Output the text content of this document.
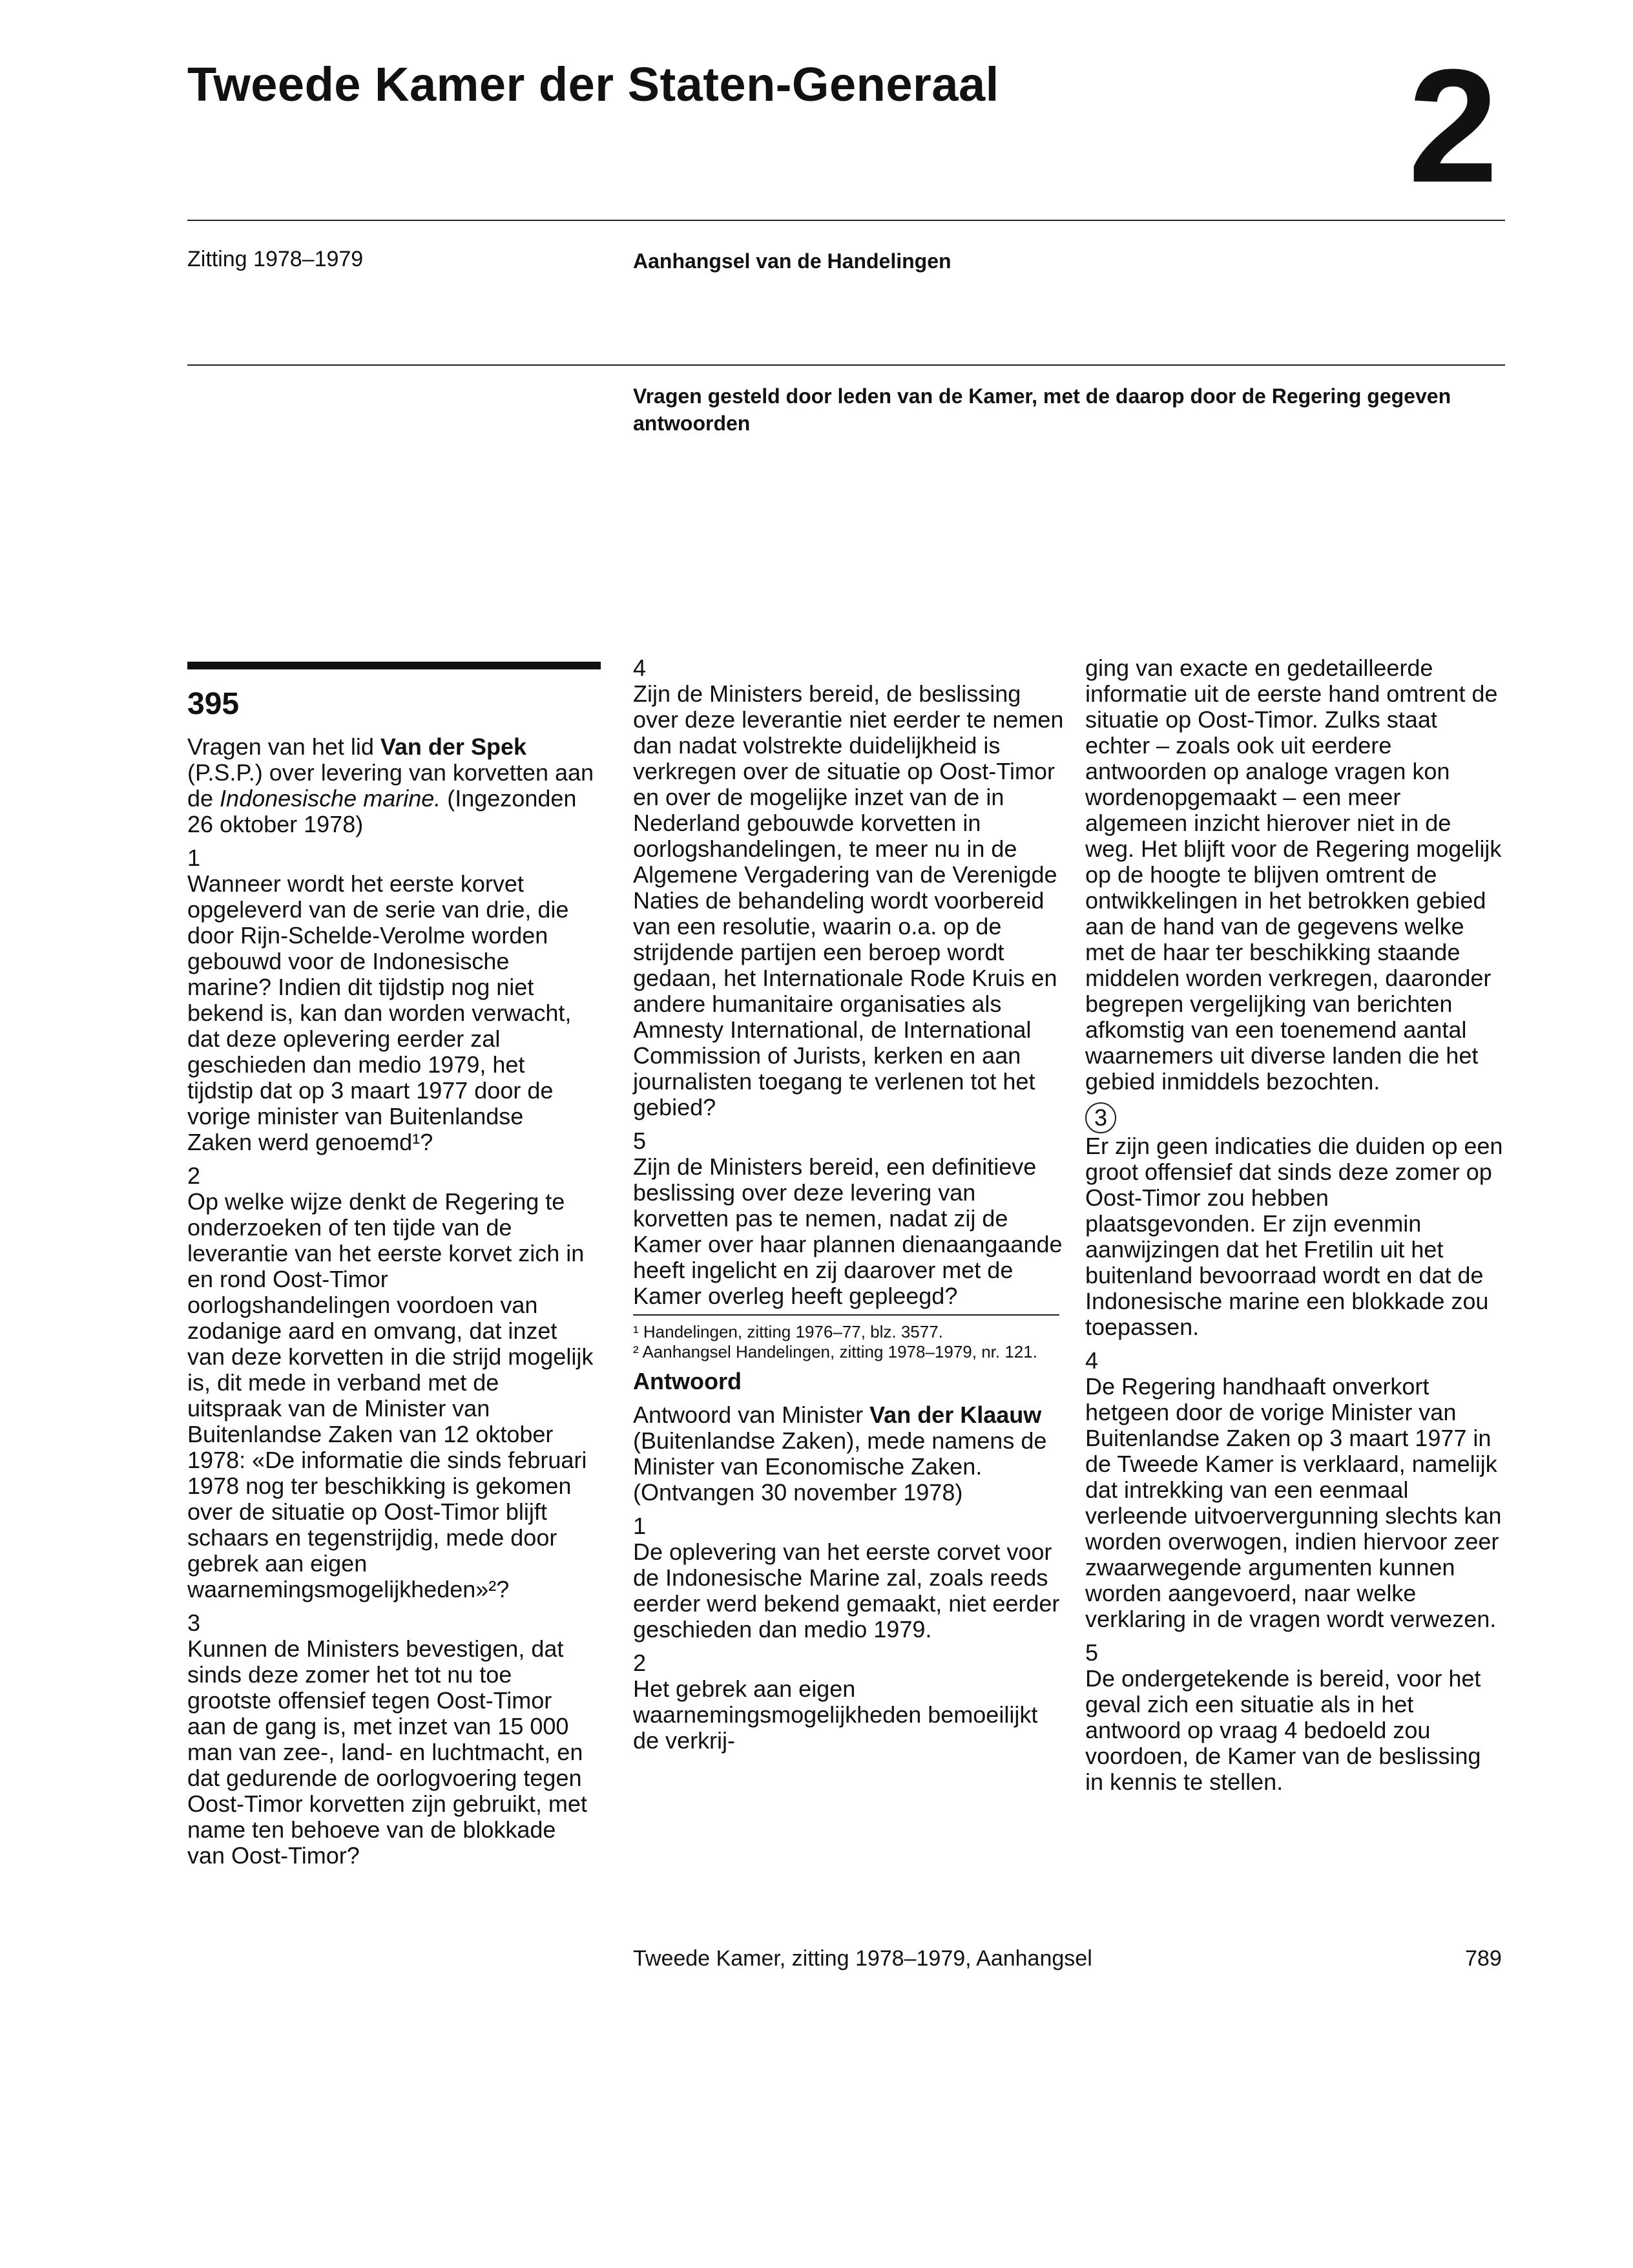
Tweede Kamer der Staten-Generaal	2
Zitting 1978–1979	Aanhangsel van de Handelingen
Vragen gesteld door leden van de Kamer, met de daarop door de Regering gegeven antwoorden
395

Vragen van het lid Van der Spek (P.S.P.) over levering van korvetten aan de Indonesische marine. (Ingezonden 26 oktober 1978)

1

Wanneer wordt het eerste korvet opgeleverd van de serie van drie, die door Rijn-Schelde-Verolme worden gebouwd voor de Indonesische marine? Indien dit tijdstip nog niet bekend is, kan dan worden verwacht, dat deze oplevering eerder zal geschieden dan medio 1979, het tijdstip dat op 3 maart 1977 door de vorige minister van Buitenlandse Zaken werd genoemd¹?

2

Op welke wijze denkt de Regering te onderzoeken of ten tijde van de leverantie van het eerste korvet zich in en rond Oost-Timor oorlogshandelingen voordoen van zodanige aard en omvang, dat inzet van deze korvetten in die strijd mogelijk is, dit mede in verband met de uitspraak van de Minister van Buitenlandse Zaken van 12 oktober 1978: «De informatie die sinds februari 1978 nog ter beschikking is gekomen over de situatie op Oost-Timor blijft schaars en tegenstrijdig, mede door gebrek aan eigen waarnemingsmogelijkheden»²?

3

Kunnen de Ministers bevestigen, dat sinds deze zomer het tot nu toe grootste offensief tegen Oost-Timor aan de gang is, met inzet van 15 000 man van zee-, land- en luchtmacht, en dat gedurende de oorlogvoering tegen Oost-Timor korvetten zijn gebruikt, met name ten behoeve van de blokkade van Oost-Timor?

4

Zijn de Ministers bereid, de beslissing over deze leverantie niet eerder te nemen dan nadat volstrekte duidelijkheid is verkregen over de situatie op Oost-Timor en over de mogelijke inzet van de in Nederland gebouwde korvetten in oorlogshandelingen, te meer nu in de Algemene Vergadering van de Verenigde Naties de behandeling wordt voorbereid van een resolutie, waarin o.a. op de strijdende partijen een beroep wordt gedaan, het Internationale Rode Kruis en andere humanitaire organisaties als Amnesty International, de International Commission of Jurists, kerken en aan journalisten toegang te verlenen tot het gebied?

5

Zijn de Ministers bereid, een definitieve beslissing over deze levering van korvetten pas te nemen, nadat zij de Kamer over haar plannen dienaangaande heeft ingelicht en zij daarover met de Kamer overleg heeft gepleegd?

¹ Handelingen, zitting 1976–77, blz. 3577.
² Aanhangsel Handelingen, zitting 1978–1979, nr. 121.
Antwoord

Antwoord van Minister Van der Klaauw (Buitenlandse Zaken), mede namens de Minister van Economische Zaken. (Ontvangen 30 november 1978)

1

De oplevering van het eerste corvet voor de Indonesische Marine zal, zoals reeds eerder werd bekend gemaakt, niet eerder geschieden dan medio 1979.

2

Het gebrek aan eigen waarnemingsmogelijkheden bemoeilijkt de verkrij-

ging van exacte en gedetailleerde informatie uit de eerste hand omtrent de situatie op Oost-Timor. Zulks staat echter – zoals ook uit eerdere antwoorden op analoge vragen kon wordenopgemaakt – een meer algemeen inzicht hierover niet in de weg. Het blijft voor de Regering mogelijk op de hoogte te blijven omtrent de ontwikkelingen in het betrokken gebied aan de hand van de gegevens welke met de haar ter beschikking staande middelen worden verkregen, daaronder begrepen vergelijking van berichten afkomstig van een toenemend aantal waarnemers uit diverse landen die het gebied inmiddels bezochten.

3

Er zijn geen indicaties die duiden op een groot offensief dat sinds deze zomer op Oost-Timor zou hebben plaatsgevonden. Er zijn evenmin aanwijzingen dat het Fretilin uit het buitenland bevoorraad wordt en dat de Indonesische marine een blokkade zou toepassen.

4

De Regering handhaaft onverkort hetgeen door de vorige Minister van Buitenlandse Zaken op 3 maart 1977 in de Tweede Kamer is verklaard, namelijk dat intrekking van een eenmaal verleende uitvoervergunning slechts kan worden overwogen, indien hiervoor zeer zwaarwegende argumenten kunnen worden aangevoerd, naar welke verklaring in de vragen wordt verwezen.

5

De ondergetekende is bereid, voor het geval zich een situatie als in het antwoord op vraag 4 bedoeld zou voordoen, de Kamer van de beslissing in kennis te stellen.

Tweede Kamer, zitting 1978–1979, Aanhangsel	789
